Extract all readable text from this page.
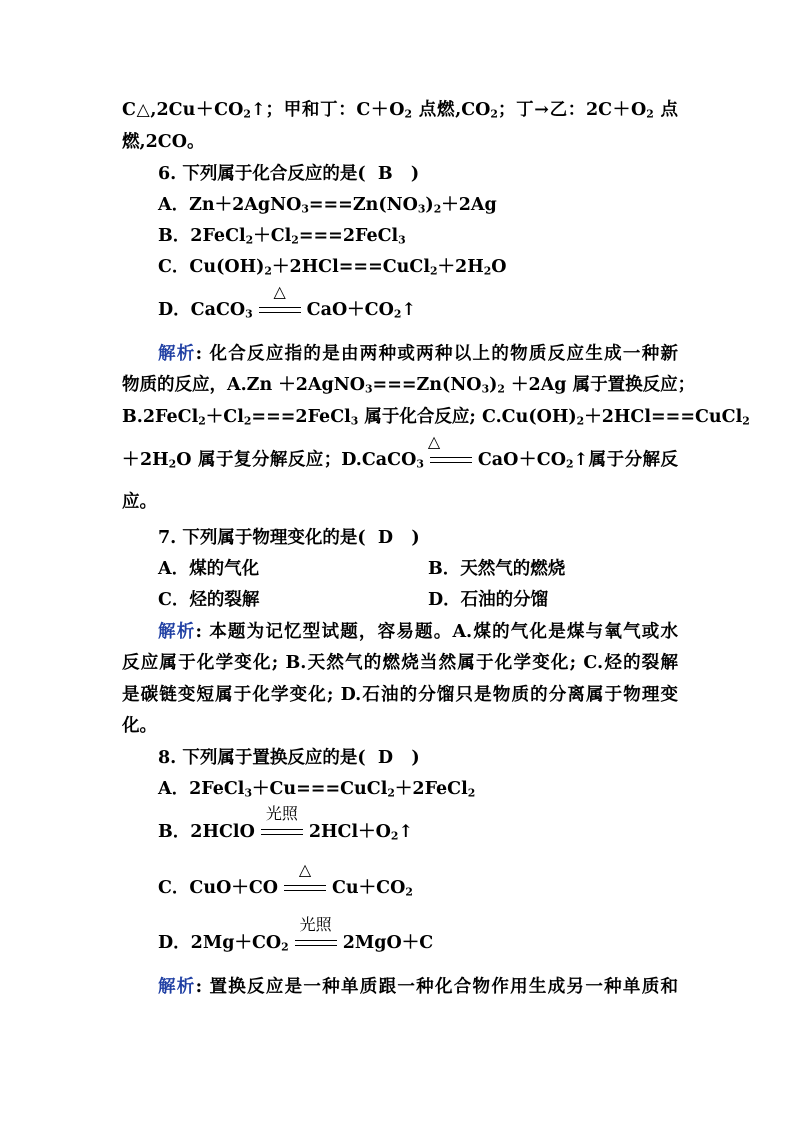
$C\triangle,2Cu+CO_2↑$；甲和丁：$C+O_2$ 点燃$,CO_2$；丁→乙：$2C+O_2$ 点
燃,2CO。
6. 下列属于化合反应的是( B )
A．$Zn+2AgNO_3===Zn(NO_3)_2+2Ag$
B．$2FeCl_2+Cl_2===2FeCl_3$
C．$Cu(OH)_2+2HCl===CuCl_2+2H_2O$
D．CaCO$_3$
△
$CaO+CO_2↑$
解析: 化合反应指的是由两种或两种以上的物质反应生成一种新
物质的反应，$A.Zn +2AgNO_3===Zn(NO_3)_2 +2Ag$ 属于置换反应；
$B.2FeCl_2+Cl_2===2FeCl_3$ 属于化合反应; $C.Cu(OH)_2+2HCl===CuCl_2$
$+2H_2O$ 属于复分解反应；D.CaCO$_3$
△
$CaO+CO_2↑$属于分解反
应。
7. 下列属于物理变化的是( D )
A．煤的气化	B．天然气的燃烧
C．烃的裂解	D．石油的分馏
解析: 本题为记忆型试题，容易题。A.煤的气化是煤与氧气或水
反应属于化学变化; B.天然气的燃烧当然属于化学变化; C.烃的裂解
是碳链变短属于化学变化; D.石油的分馏只是物质的分离属于物理变
化。
8. 下列属于置换反应的是( D )
A．2FeCl$_3$＋Cu===CuCl$_2$＋2FeCl$_2$
B．2HClO
光照
$2HCl+O_2↑$
C．CuO＋CO
△
$Cu+CO_2$
D．$2Mg+CO_2$
光照
2MgO＋C
解析: 置换反应是一种单质跟一种化合物作用生成另一种单质和
